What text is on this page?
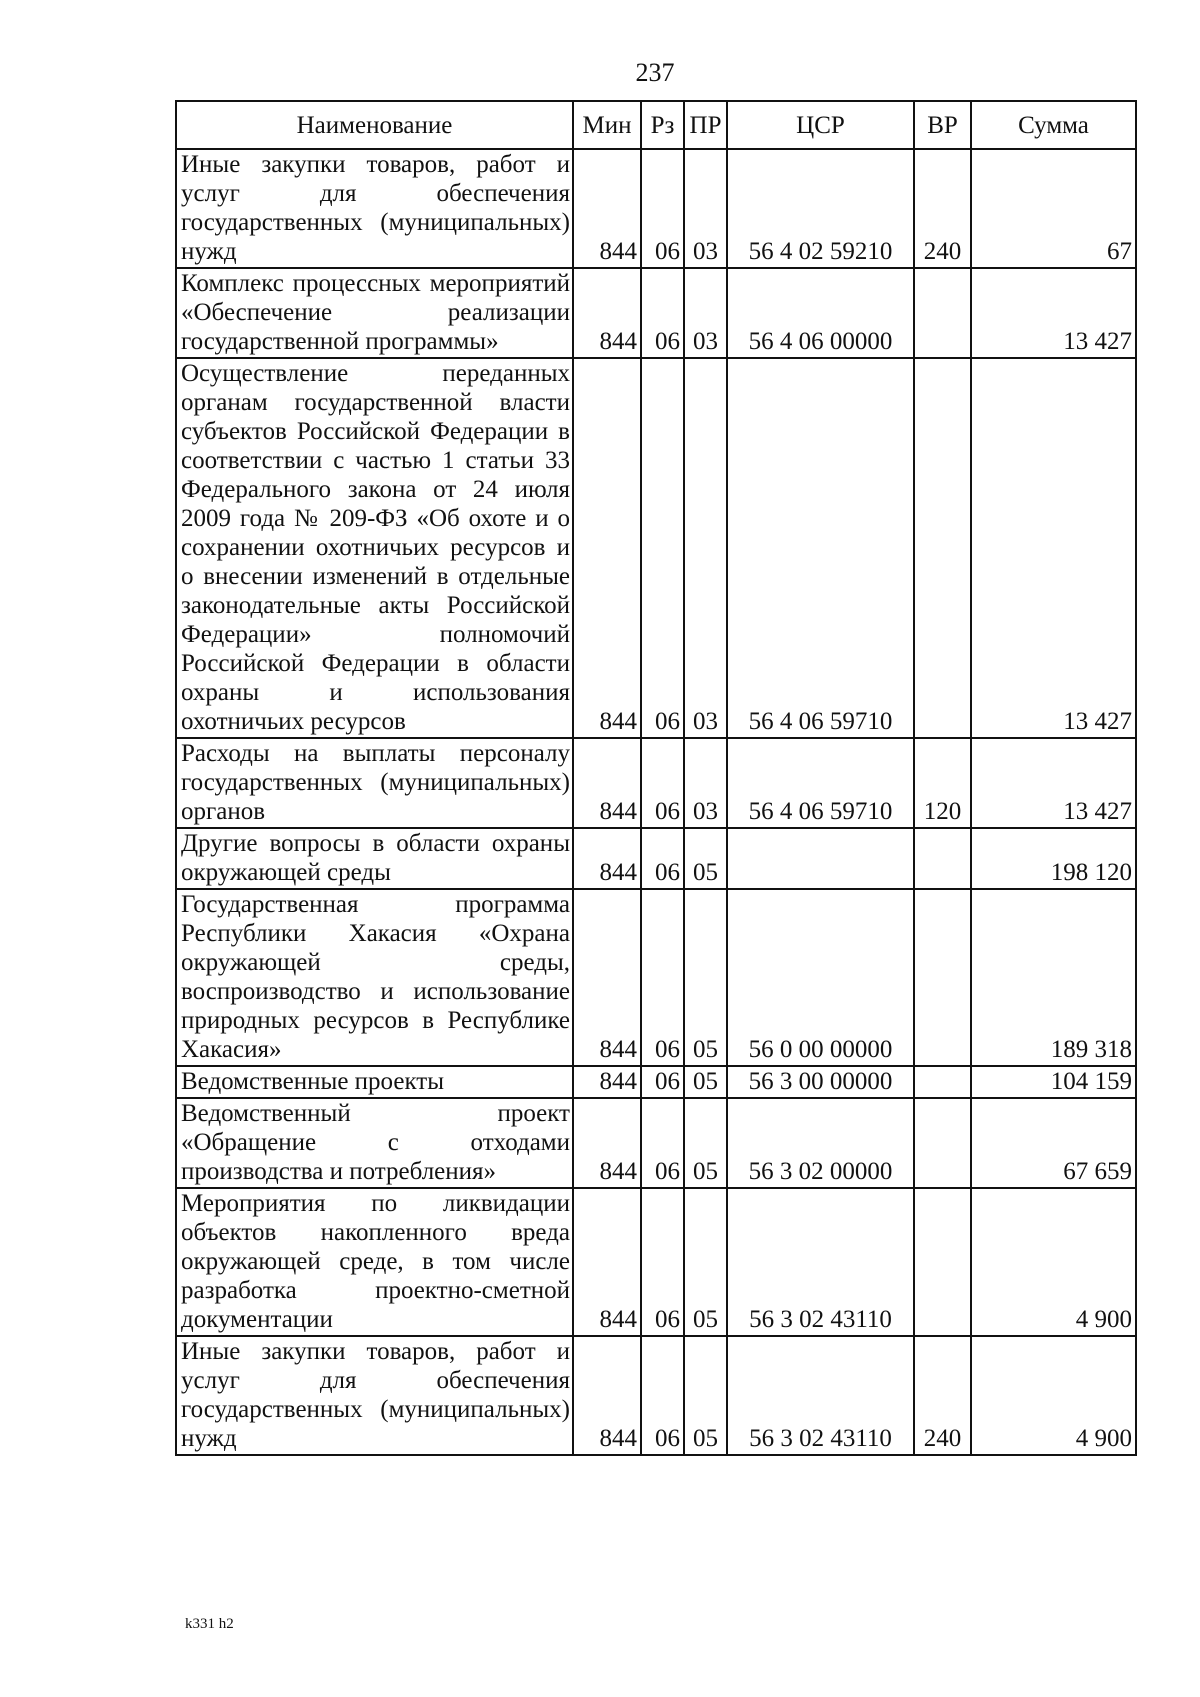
237
Наименование	Мин	Рз	ПР	ЦСР	ВР	Сумма
Иные закупки товаров, работ и услуг для обеспечения государственных (муниципальных) нужд	844	06	03	56 4 02 59210	240	67
Комплекс процессных мероприятий «Обеспечение реализации государственной программы»	844	06	03	56 4 06 00000		13 427
Осуществление переданных органам государственной власти субъектов Российской Федерации в соответствии с частью 1 статьи 33 Федерального закона от 24 июля 2009 года № 209-ФЗ «Об охоте и о сохранении охотничьих ресурсов и о внесении изменений в отдельные законодательные акты Российской Федерации» полномочий Российской Федерации в области охраны и использования охотничьих ресурсов	844	06	03	56 4 06 59710		13 427
Расходы на выплаты персоналу государственных (муниципальных) органов	844	06	03	56 4 06 59710	120	13 427
Другие вопросы в области охраны окружающей среды	844	06	05			198 120
Государственная программа Республики Хакасия «Охрана окружающей среды, воспроизводство и использование природных ресурсов в Республике Хакасия»	844	06	05	56 0 00 00000		189 318
Ведомственные проекты	844	06	05	56 3 00 00000		104 159
Ведомственный проект «Обращение с отходами производства и потребления»	844	06	05	56 3 02 00000		67 659
Мероприятия по ликвидации объектов накопленного вреда окружающей среде, в том числе разработка проектно-сметной документации	844	06	05	56 3 02 43110		4 900
Иные закупки товаров, работ и услуг для обеспечения государственных (муниципальных) нужд	844	06	05	56 3 02 43110	240	4 900
k331 h2
